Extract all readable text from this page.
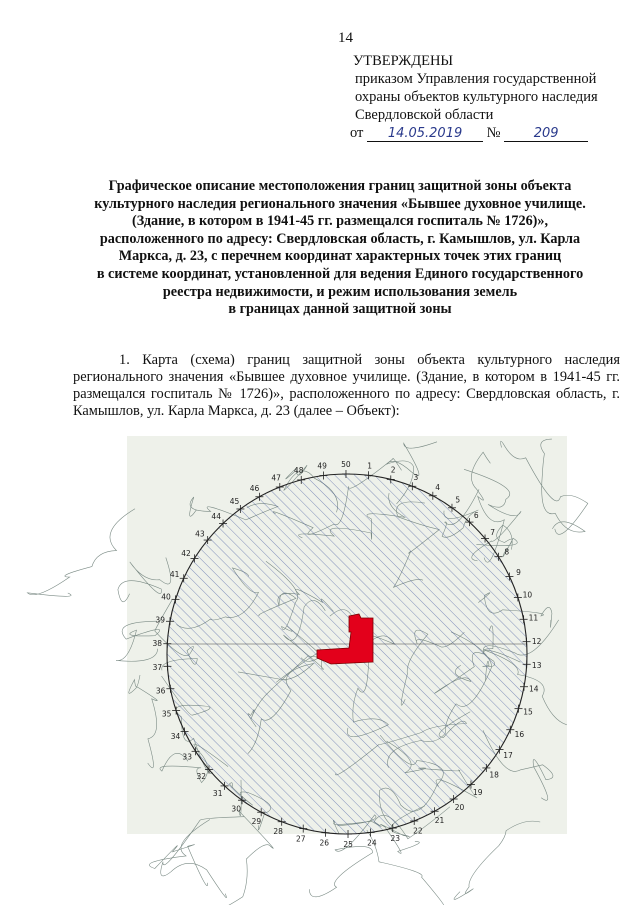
14
УТВЕРЖДЕНЫ
приказом Управления государственной
охраны объектов культурного наследия
Свердловской области
от 14.05.2019 №	209
Графическое описание местоположения границ защитной зоны объекта
культурного наследия регионального значения «Бывшее духовное училище.
(Здание, в котором в 1941-45 гг. размещался госпиталь № 1726)»,
расположенного по адресу: Свердловская область, г. Камышлов, ул. Карла
Маркса, д. 23, с перечнем координат характерных точек этих границ
в системе координат, установленной для ведения Единого государственного
реестра недвижимости, и режим использования земель
в границах данной защитной зоны
1. Карта (схема) границ защитной зоны объекта культурного наследия регионального значения «Бывшее духовное училище. (Здание, в котором в 1941-45 гг. размещался госпиталь № 1726)», расположенного по адресу: Свердловская область, г. Камышлов, ул. Карла Маркса, д. 23 (далее – Объект):
1 2
3
4
5
6
7
8
9
10
11
12
13
14
15
16
17
18
19
20
21
22
23
24
25
26
27
28
29
30
31
32
33
34
35
36
37
38
39
40
41
42
43
44
45
46
47
48
49 50
